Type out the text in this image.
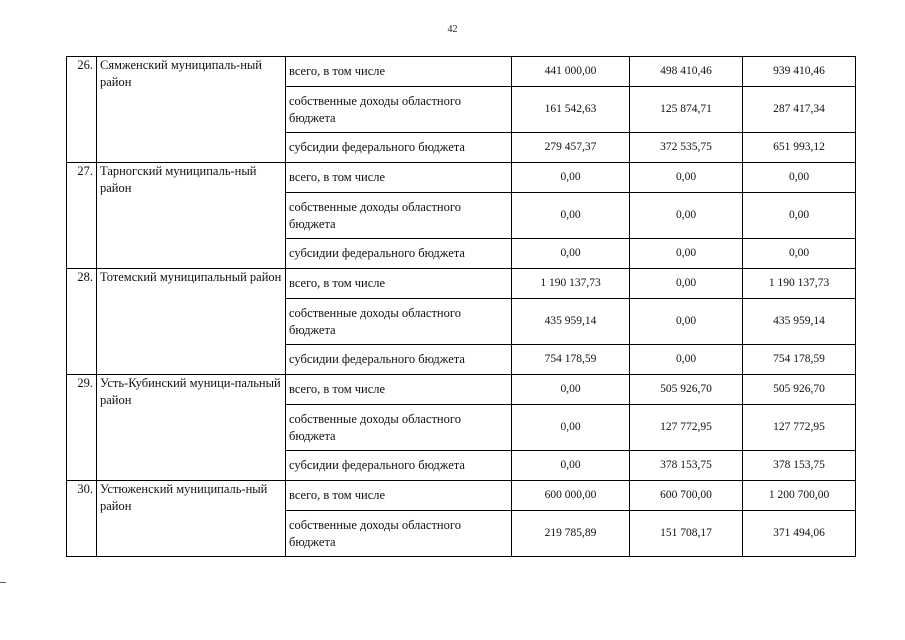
42
26.	Сямженский муниципаль-ный район	всего, в том числе	441 000,00	498 410,46	939 410,46
		собственные доходы областного бюджета	161 542,63	125 874,71	287 417,34
		субсидии федерального бюджета	279 457,37	372 535,75	651 993,12
27.	Тарногский муниципаль-ный район	всего, в том числе	0,00	0,00	0,00
		собственные доходы областного бюджета	0,00	0,00	0,00
		субсидии федерального бюджета	0,00	0,00	0,00
28.	Тотемский муниципальный район	всего, в том числе	1 190 137,73	0,00	1 190 137,73
		собственные доходы областного бюджета	435 959,14	0,00	435 959,14
		субсидии федерального бюджета	754 178,59	0,00	754 178,59
29.	Усть-Кубинский муници-пальный район	всего, в том числе	0,00	505 926,70	505 926,70
		собственные доходы областного бюджета	0,00	127 772,95	127 772,95
		субсидии федерального бюджета	0,00	378 153,75	378 153,75
30.	Устюженский муниципаль-ный район	всего, в том числе	600 000,00	600 700,00	1 200 700,00
		собственные доходы областного бюджета	219 785,89	151 708,17	371 494,06
